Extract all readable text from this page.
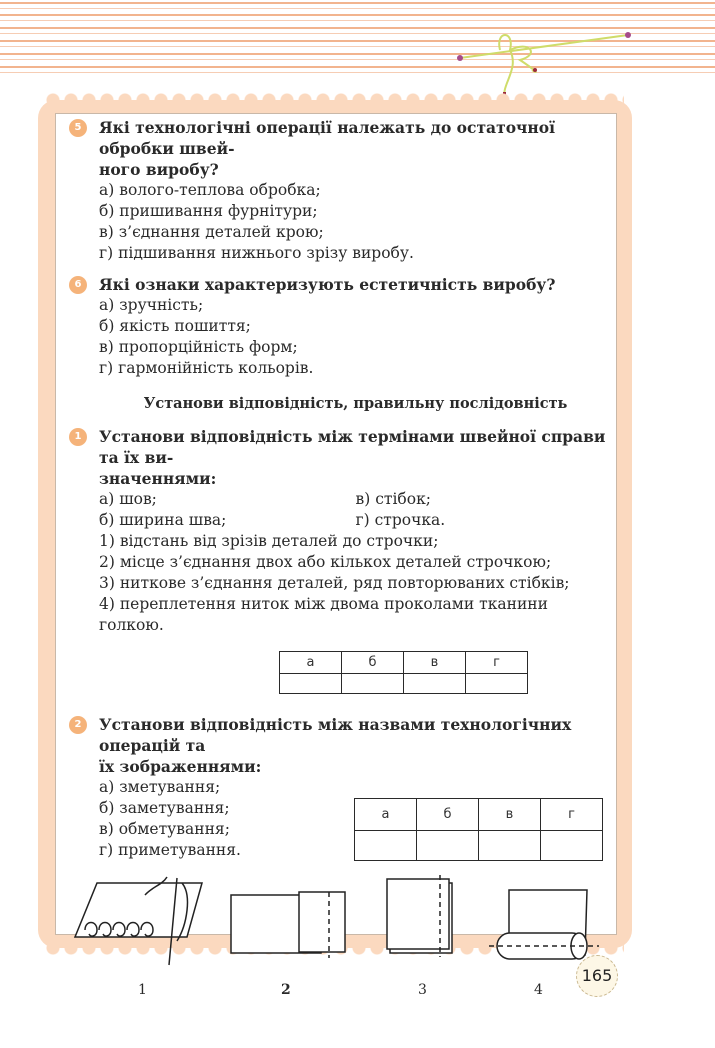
5	Які технологічні операції належать до остаточної обробки швей-
ного виробу?
а) волого-теплова обробка;
б) пришивання фурнітури;
в) з’єднання деталей крою;
г) підшивання нижнього зрізу виробу.
6	Які ознаки характеризують естетичність виробу?
а) зручність;
б) якість пошиття;
в) пропорційність форм;
г) гармонійність кольорів.
Установи відповідність, правильну послідовність
1	Установи відповідність між термінами швейної справи та їх ви-
значеннями:
а) шов;
б) ширина шва;
в) стібок;
г) строчка.
1) відстань від зрізів деталей до строчки;
2) місце з’єднання двох або кількох деталей строчкою;
3) ниткове з’єднання деталей, ряд повторюваних стібків;
4) переплетення ниток між двома проколами тканини голкою.
а	б	в	г

2	Установи відповідність між назвами технологічних операцій та
їх зображеннями:
а) зметування;
б) заметування;
в) обметування;
г) приметування.
а	б	в	г

1	2	3	4
165
